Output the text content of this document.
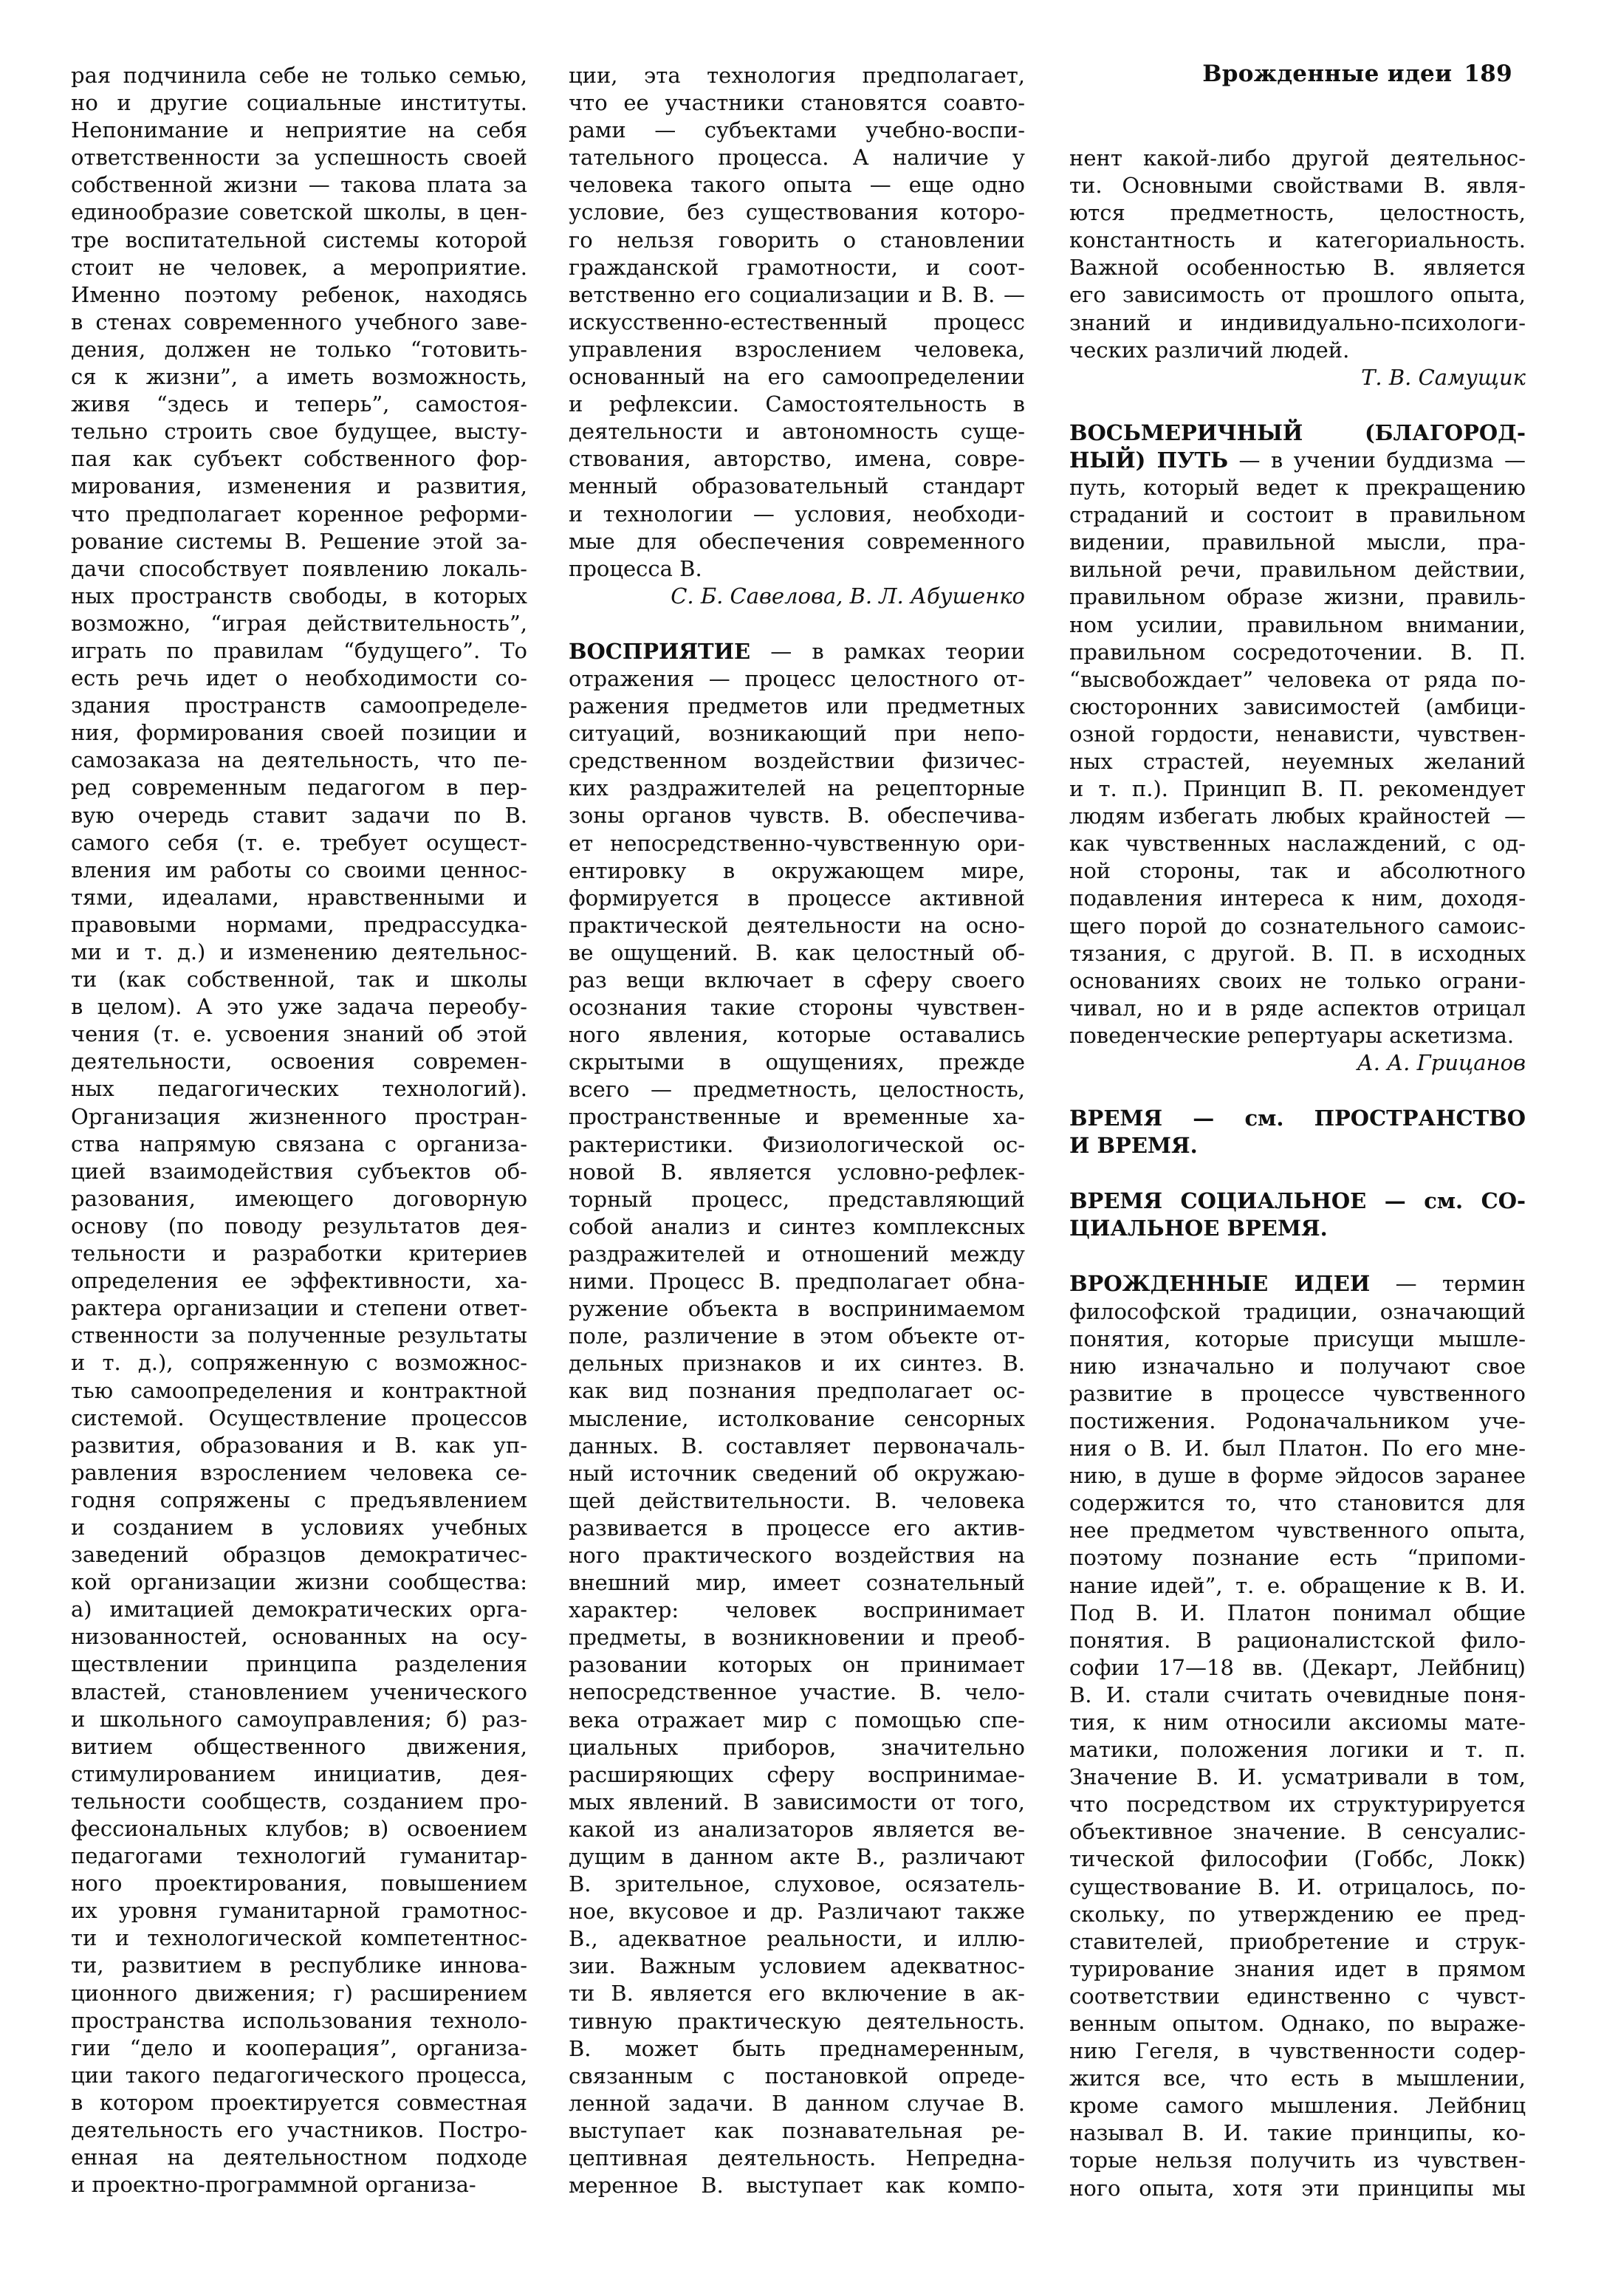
Врожденные идеи 189
рая подчинила себе не только семью,
но и другие социальные институты.
Непонимание и неприятие на себя
ответственности за успешность своей
собственной жизни — такова плата за
единообразие советской школы, в цен-
тре воспитательной системы которой
стоит не человек, а мероприятие.
Именно поэтому ребенок, находясь
в стенах современного учебного заве-
дения, должен не только “готовить-
ся к жизни”, а иметь возможность,
живя “здесь и теперь”, самостоя-
тельно строить свое будущее, высту-
пая как субъект собственного фор-
мирования, изменения и развития,
что предполагает коренное реформи-
рование системы В. Решение этой за-
дачи способствует появлению локаль-
ных пространств свободы, в которых
возможно, “играя действительность”,
играть по правилам “будущего”. То
есть речь идет о необходимости со-
здания пространств самоопределе-
ния, формирования своей позиции и
самозаказа на деятельность, что пе-
ред современным педагогом в пер-
вую очередь ставит задачи по В.
самого себя (т. е. требует осущест-
вления им работы со своими ценнос-
тями, идеалами, нравственными и
правовыми нормами, предрассудка-
ми и т. д.) и изменению деятельнос-
ти (как собственной, так и школы
в целом). А это уже задача переобу-
чения (т. е. усвоения знаний об этой
деятельности, освоения современ-
ных педагогических технологий).
Организация жизненного простран-
ства напрямую связана с организа-
цией взаимодействия субъектов об-
разования, имеющего договорную
основу (по поводу результатов дея-
тельности и разработки критериев
определения ее эффективности, ха-
рактера организации и степени ответ-
ственности за полученные результаты
и т. д.), сопряженную с возможнос-
тью самоопределения и контрактной
системой. Осуществление процессов
развития, образования и В. как уп-
равления взрослением человека се-
годня сопряжены с предъявлением
и созданием в условиях учебных
заведений образцов демократичес-
кой организации жизни сообщества:
а) имитацией демократических орга-
низованностей, основанных на осу-
ществлении принципа разделения
властей, становлением ученического
и школьного самоуправления; б) раз-
витием общественного движения,
стимулированием инициатив, дея-
тельности сообществ, созданием про-
фессиональных клубов; в) освоением
педагогами технологий гуманитар-
ного проектирования, повышением
их уровня гуманитарной грамотнос-
ти и технологической компетентнос-
ти, развитием в республике иннова-
ционного движения; г) расширением
пространства использования техноло-
гии “дело и кооперация”, организа-
ции такого педагогического процесса,
в котором проектируется совместная
деятельность его участников. Постро-
енная на деятельностном подходе
и проектно-программной организа-
ции, эта технология предполагает,
что ее участники становятся соавто-
рами — субъектами учебно-воспи-
тательного процесса. А наличие у
человека такого опыта — еще одно
условие, без существования которо-
го нельзя говорить о становлении
гражданской грамотности, и соот-
ветственно его социализации и В. В. —
искусственно-естественный процесс
управления взрослением человека,
основанный на его самоопределении
и рефлексии. Самостоятельность в
деятельности и автономность суще-
ствования, авторство, имена, совре-
менный образовательный стандарт
и технологии — условия, необходи-
мые для обеспечения современного
процесса В.
С. Б. Савелова, В. Л. Абушенко
ВОСПРИЯТИЕ — в рамках теории
отражения — процесс целостного от-
ражения предметов или предметных
ситуаций, возникающий при непо-
средственном воздействии физичес-
ких раздражителей на рецепторные
зоны органов чувств. В. обеспечива-
ет непосредственно-чувственную ори-
ентировку в окружающем мире,
формируется в процессе активной
практической деятельности на осно-
ве ощущений. В. как целостный об-
раз вещи включает в сферу своего
осознания такие стороны чувствен-
ного явления, которые оставались
скрытыми в ощущениях, прежде
всего — предметность, целостность,
пространственные и временные ха-
рактеристики. Физиологической ос-
новой В. является условно-рефлек-
торный процесс, представляющий
собой анализ и синтез комплексных
раздражителей и отношений между
ними. Процесс В. предполагает обна-
ружение объекта в воспринимаемом
поле, различение в этом объекте от-
дельных признаков и их синтез. В.
как вид познания предполагает ос-
мысление, истолкование сенсорных
данных. В. составляет первоначаль-
ный источник сведений об окружаю-
щей действительности. В. человека
развивается в процессе его актив-
ного практического воздействия на
внешний мир, имеет сознательный
характер: человек воспринимает
предметы, в возникновении и преоб-
разовании которых он принимает
непосредственное участие. В. чело-
века отражает мир с помощью спе-
циальных приборов, значительно
расширяющих сферу воспринимае-
мых явлений. В зависимости от того,
какой из анализаторов является ве-
дущим в данном акте В., различают
В. зрительное, слуховое, осязатель-
ное, вкусовое и др. Различают также
В., адекватное реальности, и иллю-
зии. Важным условием адекватнос-
ти В. является его включение в ак-
тивную практическую деятельность.
В. может быть преднамеренным,
связанным с постановкой опреде-
ленной задачи. В данном случае В.
выступает как познавательная ре-
цептивная деятельность. Непредна-
меренное В. выступает как компо-
нент какой-либо другой деятельнос-
ти. Основными свойствами В. явля-
ются предметность, целостность,
константность и категориальность.
Важной особенностью В. является
его зависимость от прошлого опыта,
знаний и индивидуально-психологи-
ческих различий людей.
Т. В. Самущик
ВОСЬМЕРИЧНЫЙ (БЛАГОРОД-
НЫЙ) ПУТЬ — в учении буддизма —
путь, который ведет к прекращению
страданий и состоит в правильном
видении, правильной мысли, пра-
вильной речи, правильном действии,
правильном образе жизни, правиль-
ном усилии, правильном внимании,
правильном сосредоточении. В. П.
“высвобождает” человека от ряда по-
сюсторонних зависимостей (амбици-
озной гордости, ненависти, чувствен-
ных страстей, неуемных желаний
и т. п.). Принцип В. П. рекомендует
людям избегать любых крайностей —
как чувственных наслаждений, с од-
ной стороны, так и абсолютного
подавления интереса к ним, доходя-
щего порой до сознательного самоис-
тязания, с другой. В. П. в исходных
основаниях своих не только ограни-
чивал, но и в ряде аспектов отрицал
поведенческие репертуары аскетизма.
А. А. Грицанов
ВРЕМЯ — см. ПРОСТРАНСТВО
И ВРЕМЯ.
ВРЕМЯ СОЦИАЛЬНОЕ — см. СО-
ЦИАЛЬНОЕ ВРЕМЯ.
ВРОЖДЕННЫЕ ИДЕИ — термин
философской традиции, означающий
понятия, которые присущи мышле-
нию изначально и получают свое
развитие в процессе чувственного
постижения. Родоначальником уче-
ния о В. И. был Платон. По его мне-
нию, в душе в форме эйдосов заранее
содержится то, что становится для
нее предметом чувственного опыта,
поэтому познание есть “припоми-
нание идей”, т. е. обращение к В. И.
Под В. И. Платон понимал общие
понятия. В рационалистской фило-
софии 17—18 вв. (Декарт, Лейбниц)
В. И. стали считать очевидные поня-
тия, к ним относили аксиомы мате-
матики, положения логики и т. п.
Значение В. И. усматривали в том,
что посредством их структурируется
объективное значение. В сенсуалис-
тической философии (Гоббс, Локк)
существование В. И. отрицалось, по-
скольку, по утверждению ее пред-
ставителей, приобретение и струк-
турирование знания идет в прямом
соответствии единственно с чувст-
венным опытом. Однако, по выраже-
нию Гегеля, в чувственности содер-
жится все, что есть в мышлении,
кроме самого мышления. Лейбниц
называл В. И. такие принципы, ко-
торые нельзя получить из чувствен-
ного опыта, хотя эти принципы мы
